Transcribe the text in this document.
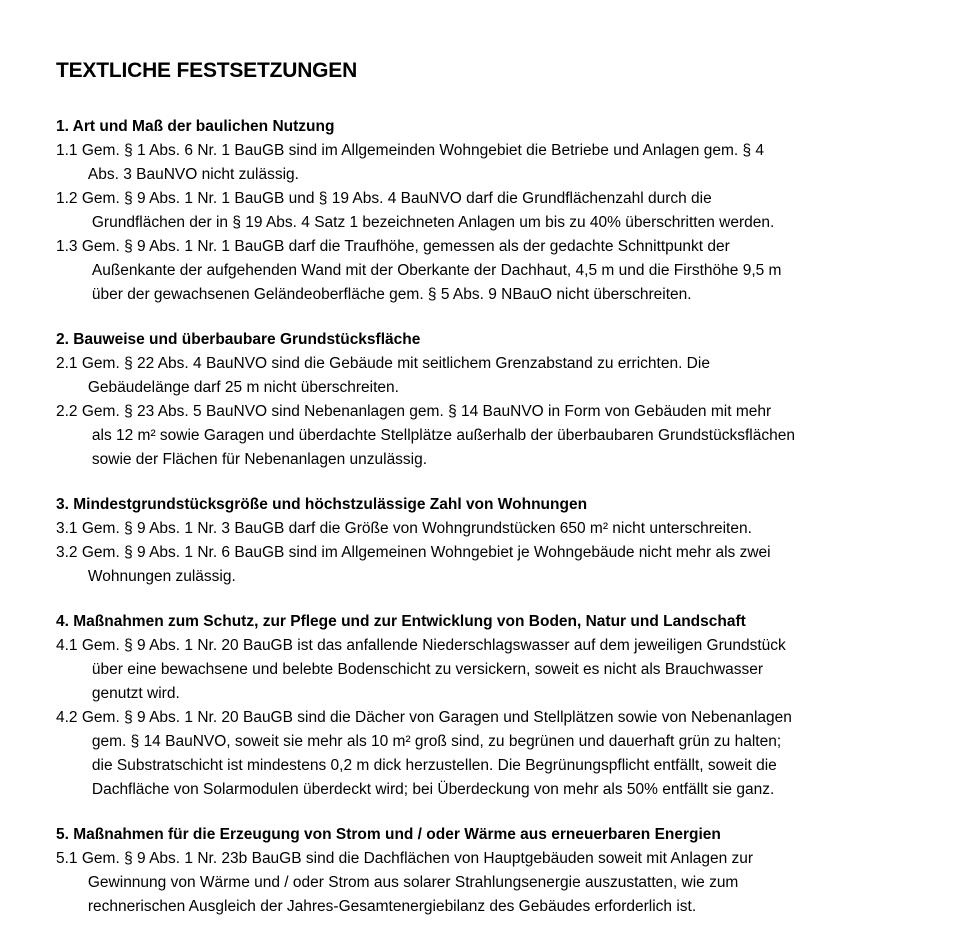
TEXTLICHE FESTSETZUNGEN
1. Art und Maß der baulichen Nutzung
1.1
Gem. § 1 Abs. 6 Nr. 1 BauGB sind im Allgemeinden Wohngebiet die Betriebe und Anlagen gem. § 4
Abs. 3 BauNVO nicht zulässig.
1.2
Gem. § 9 Abs. 1 Nr. 1 BauGB und § 19 Abs. 4 BauNVO darf die Grundflächenzahl durch die
Grundflächen der in § 19 Abs. 4 Satz 1 bezeichneten Anlagen um bis zu 40% überschritten werden.
1.3
Gem. § 9 Abs. 1 Nr. 1 BauGB darf die Traufhöhe, gemessen als der gedachte Schnittpunkt der
Außenkante der aufgehenden Wand mit der Oberkante der Dachhaut, 4,5 m und die Firsthöhe 9,5 m
über der gewachsenen Geländeoberfläche gem. § 5 Abs. 9 NBauO nicht überschreiten.
2. Bauweise und überbaubare Grundstücksfläche
2.1
Gem. § 22 Abs. 4 BauNVO sind die Gebäude mit seitlichem Grenzabstand zu errichten. Die
Gebäudelänge darf 25 m nicht überschreiten.
2.2
Gem. § 23 Abs. 5 BauNVO sind Nebenanlagen gem. § 14 BauNVO in Form von Gebäuden mit mehr
als 12 m² sowie Garagen und überdachte Stellplätze außerhalb der überbaubaren Grundstücksflächen
sowie der Flächen für Nebenanlagen unzulässig.
3. Mindestgrundstücksgröße und höchstzulässige Zahl von Wohnungen
3.1
Gem. § 9 Abs. 1 Nr. 3 BauGB darf die Größe von Wohngrundstücken 650 m² nicht unterschreiten.
3.2
Gem. § 9 Abs. 1 Nr. 6 BauGB sind im Allgemeinen Wohngebiet je Wohngebäude nicht mehr als zwei
Wohnungen zulässig.
4. Maßnahmen zum Schutz, zur Pflege und zur Entwicklung von Boden, Natur und Landschaft
4.1
Gem. § 9 Abs. 1 Nr. 20 BauGB ist das anfallende Niederschlagswasser auf dem jeweiligen Grundstück
über eine bewachsene und belebte Bodenschicht zu versickern, soweit es nicht als Brauchwasser
genutzt wird.
4.2
Gem. § 9 Abs. 1 Nr. 20 BauGB sind die Dächer von Garagen und Stellplätzen sowie von Nebenanlagen
gem. § 14 BauNVO, soweit sie mehr als 10 m² groß sind, zu begrünen und dauerhaft grün zu halten;
die Substratschicht ist mindestens 0,2 m dick herzustellen. Die Begrünungspflicht entfällt, soweit die
Dachfläche von Solarmodulen überdeckt wird; bei Überdeckung von mehr als 50% entfällt sie ganz.
5. Maßnahmen für die Erzeugung von Strom und / oder Wärme aus erneuerbaren Energien
5.1
Gem. § 9 Abs. 1 Nr. 23b BauGB sind die Dachflächen von Hauptgebäuden soweit mit Anlagen zur
Gewinnung von Wärme und / oder Strom aus solarer Strahlungsenergie auszustatten, wie zum
rechnerischen Ausgleich der Jahres-Gesamtenergiebilanz des Gebäudes erforderlich ist.
